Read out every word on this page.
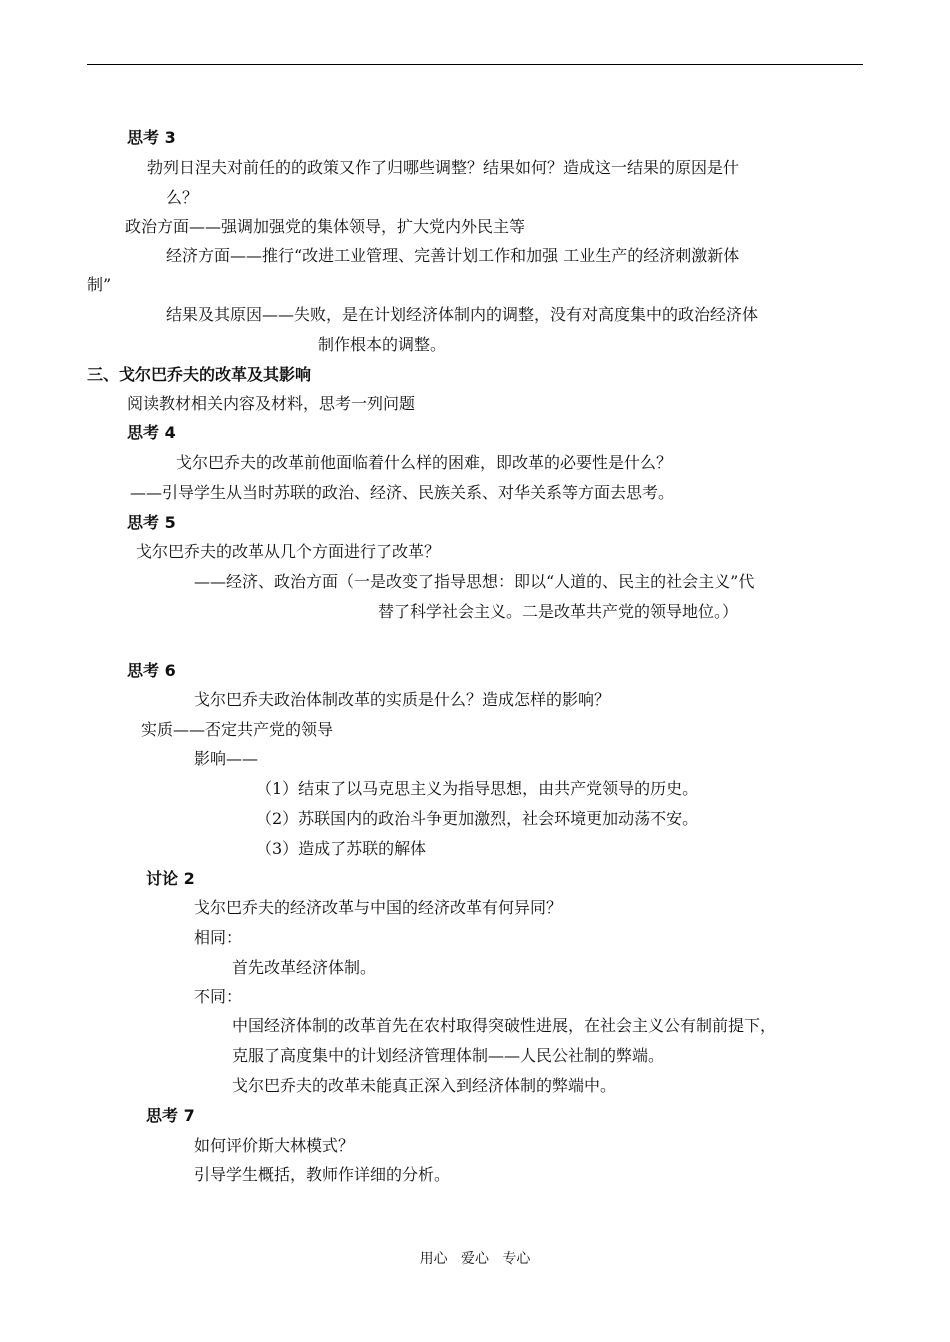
思考 3
勃列日涅夫对前任的的政策又作了归哪些调整？结果如何？造成这一结果的原因是什
么？
政治方面——强调加强党的集体领导，扩大党内外民主等
经济方面——推行“改进工业管理、完善计划工作和加强 工业生产的经济刺激新体
制”
结果及其原因——失败，是在计划经济体制内的调整，没有对高度集中的政治经济体
制作根本的调整。
三、戈尔巴乔夫的改革及其影响
阅读教材相关内容及材料，思考一列问题
思考 4
戈尔巴乔夫的改革前他面临着什么样的困难，即改革的必要性是什么？
——引导学生从当时苏联的政治、经济、民族关系、对华关系等方面去思考。
思考 5
戈尔巴乔夫的改革从几个方面进行了改革？
——经济、政治方面（一是改变了指导思想：即以“人道的、民主的社会主义”代
替了科学社会主义。二是改革共产党的领导地位。）
思考 6
戈尔巴乔夫政治体制改革的实质是什么？造成怎样的影响？
实质——否定共产党的领导
影响——
（1）结束了以马克思主义为指导思想，由共产党领导的历史。
（2）苏联国内的政治斗争更加激烈，社会环境更加动荡不安。
（3）造成了苏联的解体
讨论 2
戈尔巴乔夫的经济改革与中国的经济改革有何异同？
相同：
首先改革经济体制。
不同：
中国经济体制的改革首先在农村取得突破性进展，在社会主义公有制前提下，
克服了高度集中的计划经济管理体制——人民公社制的弊端。
戈尔巴乔夫的改革未能真正深入到经济体制的弊端中。
思考 7
如何评价斯大林模式？
引导学生概括，教师作详细的分析。
用心   爱心   专心
